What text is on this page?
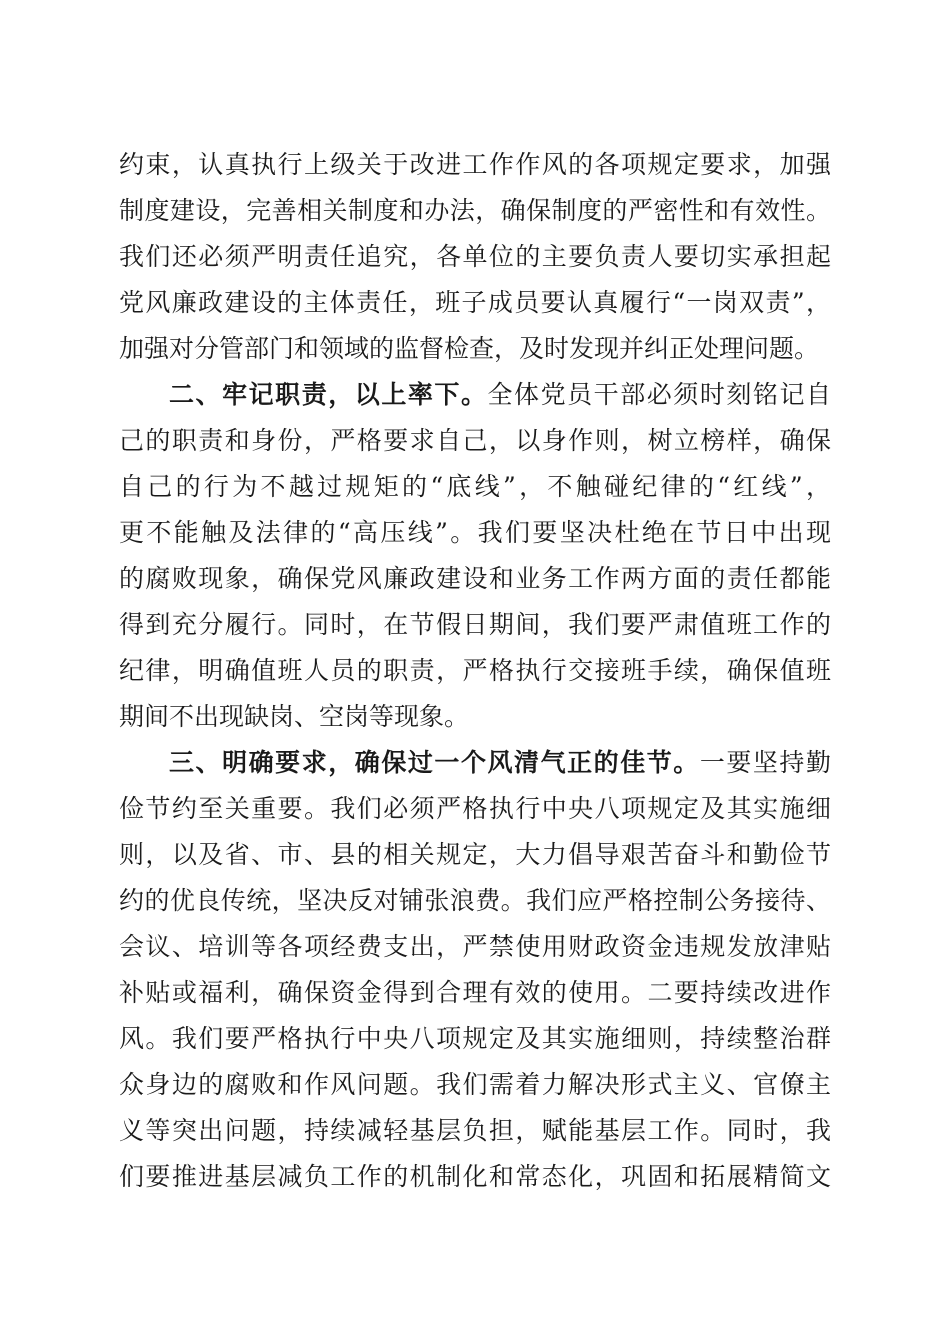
约束，认真执行上级关于改进工作作风的各项规定要求，加强
制度建设，完善相关制度和办法，确保制度的严密性和有效性。
我们还必须严明责任追究，各单位的主要负责人要切实承担起
党风廉政建设的主体责任，班子成员要认真履行“一岗双责”，
加强对分管部门和领域的监督检查，及时发现并纠正处理问题。
二、牢记职责，以上率下。全体党员干部必须时刻铭记自
己的职责和身份，严格要求自己，以身作则，树立榜样，确保
自己的行为不越过规矩的“底线”，不触碰纪律的“红线”，
更不能触及法律的“高压线”。我们要坚决杜绝在节日中出现
的腐败现象，确保党风廉政建设和业务工作两方面的责任都能
得到充分履行。同时，在节假日期间，我们要严肃值班工作的
纪律，明确值班人员的职责，严格执行交接班手续，确保值班
期间不出现缺岗、空岗等现象。
三、明确要求，确保过一个风清气正的佳节。一要坚持勤
俭节约至关重要。我们必须严格执行中央八项规定及其实施细
则，以及省、市、县的相关规定，大力倡导艰苦奋斗和勤俭节
约的优良传统，坚决反对铺张浪费。我们应严格控制公务接待、
会议、培训等各项经费支出，严禁使用财政资金违规发放津贴
补贴或福利，确保资金得到合理有效的使用。二要持续改进作
风。我们要严格执行中央八项规定及其实施细则，持续整治群
众身边的腐败和作风问题。我们需着力解决形式主义、官僚主
义等突出问题，持续减轻基层负担，赋能基层工作。同时，我
们要推进基层减负工作的机制化和常态化，巩固和拓展精简文
